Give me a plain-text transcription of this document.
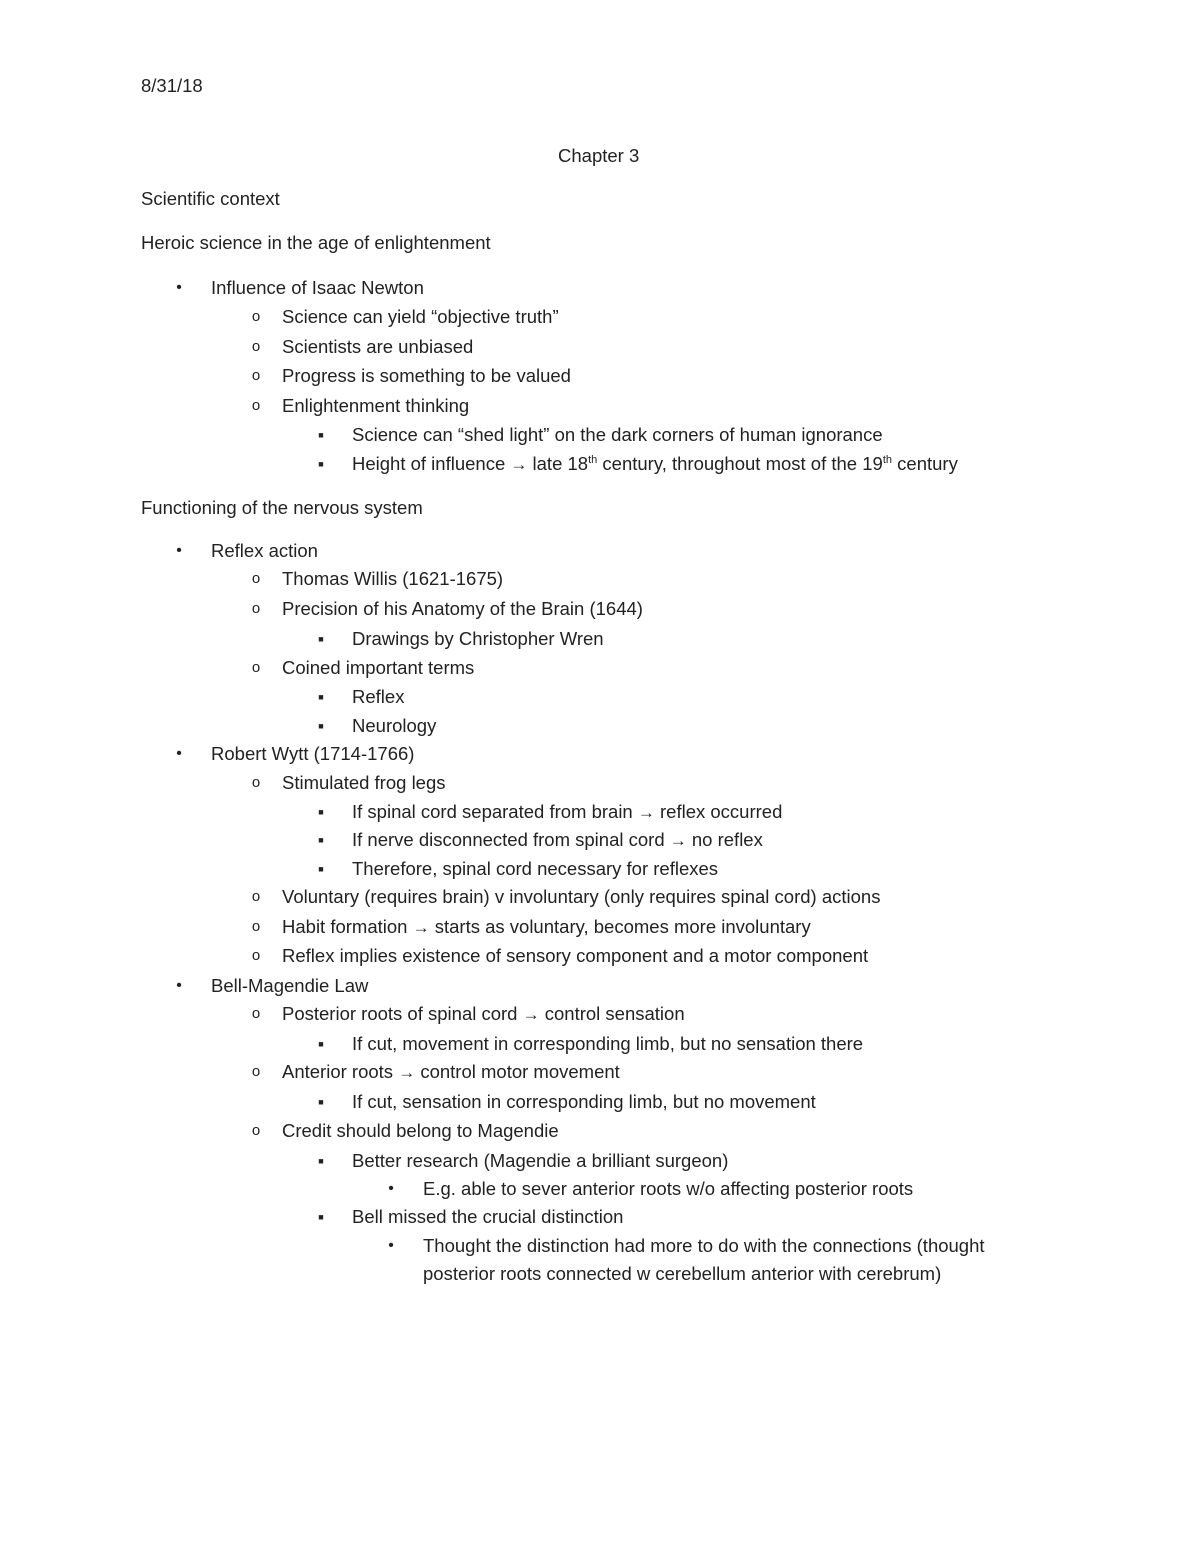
8/31/18
Chapter 3
Scientific context
Heroic science in the age of enlightenment
• Influence of Isaac Newton
o Science can yield “objective truth”
o Scientists are unbiased
o Progress is something to be valued
o Enlightenment thinking
■ Science can “shed light” on the dark corners of human ignorance
■ Height of influence → late 18th century, throughout most of the 19th century
Functioning of the nervous system
• Reflex action
o Thomas Willis (1621-1675)
o Precision of his Anatomy of the Brain (1644)
■ Drawings by Christopher Wren
o Coined important terms
■ Reflex
■ Neurology
• Robert Wytt (1714-1766)
o Stimulated frog legs
■ If spinal cord separated from brain → reflex occurred
■ If nerve disconnected from spinal cord → no reflex
■ Therefore, spinal cord necessary for reflexes
o Voluntary (requires brain) v involuntary (only requires spinal cord) actions
o Habit formation → starts as voluntary, becomes more involuntary
o Reflex implies existence of sensory component and a motor component
• Bell-Magendie Law
o Posterior roots of spinal cord → control sensation
■ If cut, movement in corresponding limb, but no sensation there
o Anterior roots → control motor movement
■ If cut, sensation in corresponding limb, but no movement
o Credit should belong to Magendie
■ Better research (Magendie a brilliant surgeon)
• E.g. able to sever anterior roots w/o affecting posterior roots
■ Bell missed the crucial distinction
• Thought the distinction had more to do with the connections (thought
posterior roots connected w cerebellum anterior with cerebrum)
